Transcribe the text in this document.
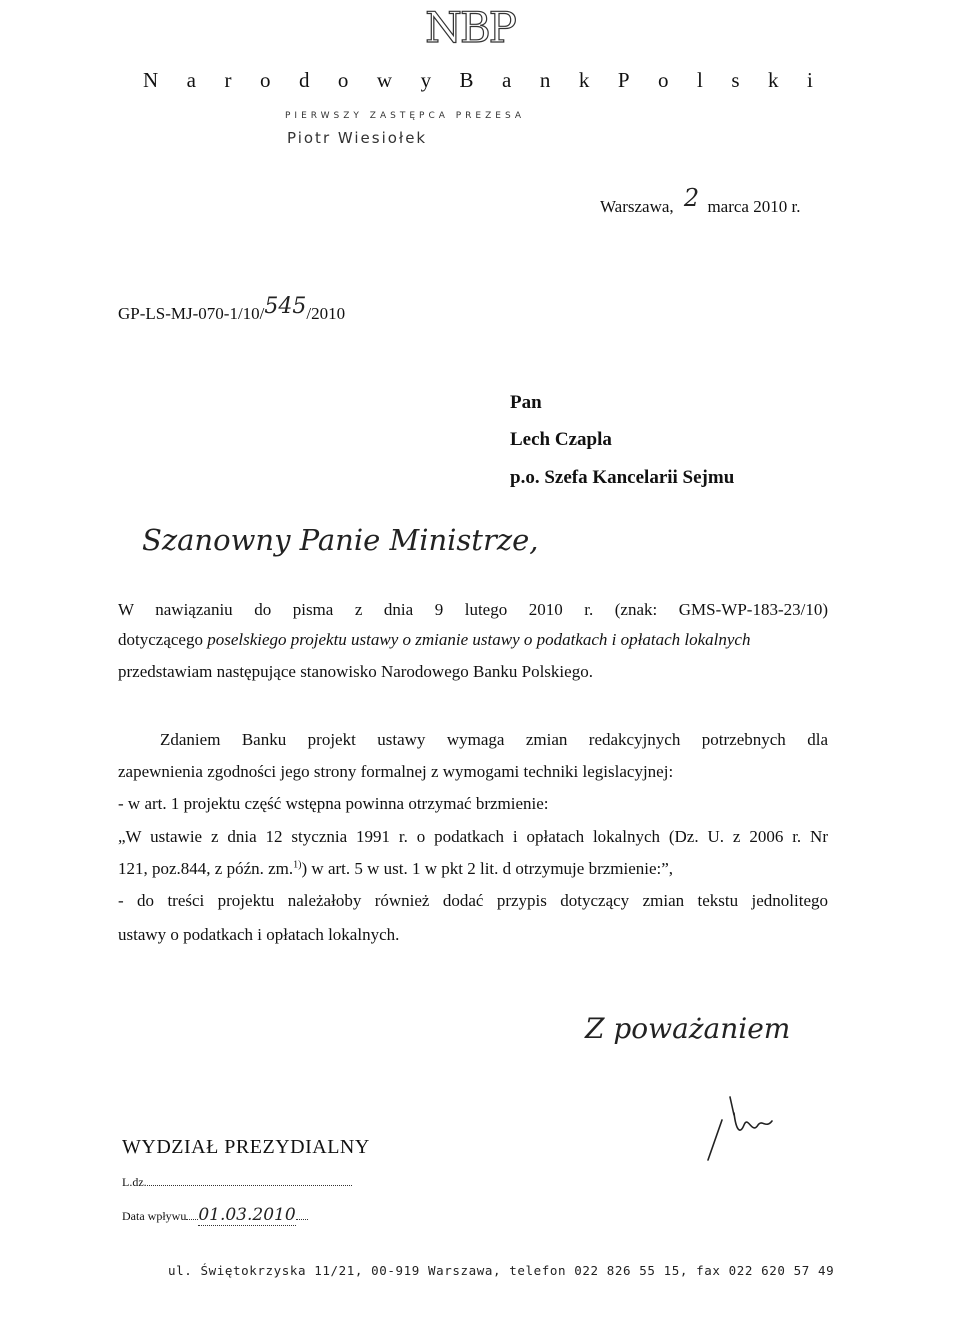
NBP
N a r o d o w y B a n k P o l s k i
PIERWSZY ZASTĘPCA PREZESA
Piotr Wiesiołek
Warszawa, 2 marca 2010 r.
GP-LS-MJ-070-1/10/545/2010
Pan
Lech Czapla
p.o. Szefa Kancelarii Sejmu
Szanowny Panie Ministrze,

W nawiązaniu do pisma z dnia 9 lutego 2010 r. (znak: GMS-WP-183-23/10)

dotyczącego poselskiego projektu ustawy o zmianie ustawy o podatkach i opłatach lokalnych

przedstawiam następujące stanowisko Narodowego Banku Polskiego.

Zdaniem Banku projekt ustawy wymaga zmian redakcyjnych potrzebnych dla

zapewnienia zgodności jego strony formalnej z wymogami techniki legislacyjnej:

- w art. 1 projektu część wstępna powinna otrzymać brzmienie:

„W ustawie z dnia 12 stycznia 1991 r. o podatkach i opłatach lokalnych (Dz. U. z 2006 r. Nr

121, poz.844, z późn. zm.$^{1)}$) w art. 5 w ust. 1 w pkt 2 lit. d otrzymuje brzmienie:”,

- do treści projektu należałoby również dodać przypis dotyczący zmian tekstu jednolitego

ustawy o podatkach i opłatach lokalnych.

Z poważaniem
WYDZIAŁ PREZYDIALNY
L.dz.
Data wpływu 01.03.2010
ul. Świętokrzyska 11/21, 00-919 Warszawa, telefon 022 826 55 15, fax 022 620 57 49
